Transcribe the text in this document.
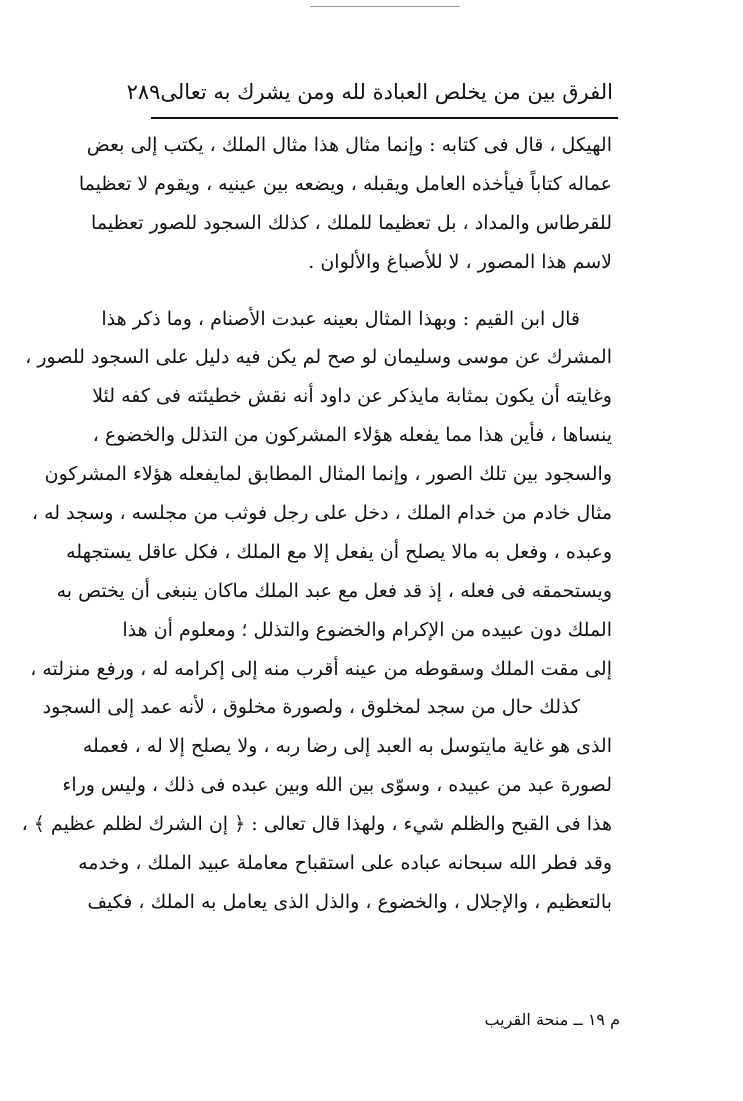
الفرق بين من يخلص العبادة لله ومن يشرك به تعالى
٢٨٩
الهيكل ، قال فى كتابه : وإنما مثال هذا مثال الملك ، يكتب إلى بعض
عماله كتاباً فيأخذه العامل ويقبله ، ويضعه بين عينيه ، ويقوم لا تعظيما
للقرطاس والمداد ، بل تعظيما للملك ، كذلك السجود للصور تعظيما
لاسم هذا المصور ، لا للأصباغ والألوان .
قال ابن القيم : وبهذا المثال بعينه عبدت الأصنام ، وما ذكر هذا
المشرك عن موسى وسليمان لو صح لم يكن فيه دليل على السجود للصور ،
وغايته أن يكون بمثابة مايذكر عن داود أنه نقش خطيئته فى كفه لئلا
ينساها ، فأين هذا مما يفعله هؤلاء المشركون من التذلل والخضوع ،
والسجود بين تلك الصور ، وإنما المثال المطابق لمايفعله هؤلاء المشركون
مثال خادم من خدام الملك ، دخل على رجل فوثب من مجلسه ، وسجد له ،
وعبده ، وفعل به مالا يصلح أن يفعل إلا مع الملك ، فكل عاقل يستجهله
ويستحمقه فى فعله ، إذ قد فعل مع عبد الملك ماكان ينبغى أن يختص به
الملك دون عبيده من الإكرام والخضوع والتذلل ؛ ومعلوم أن هذا
إلى مقت الملك وسقوطه من عينه أقرب منه إلى إكرامه له ، ورفع منزلته ،
كذلك حال من سجد لمخلوق ، ولصورة مخلوق ، لأنه عمد إلى السجود
الذى هو غاية مايتوسل به العبد إلى رضا ربه ، ولا يصلح إلا له ، فعمله
لصورة عبد من عبيده ، وسوّى بين الله وبين عبده فى ذلك ، وليس وراء
هذا فى القبح والظلم شيء ، ولهذا قال تعالى : ﴿ إن الشرك لظلم عظيم ﴾ ،
وقد فطر الله سبحانه عباده على استقباح معاملة عبيد الملك ، وخدمه
بالتعظيم ، والإجلال ، والخضوع ، والذل الذى يعامل به الملك ، فكيف
م ١٩ ــ منحة القريب
